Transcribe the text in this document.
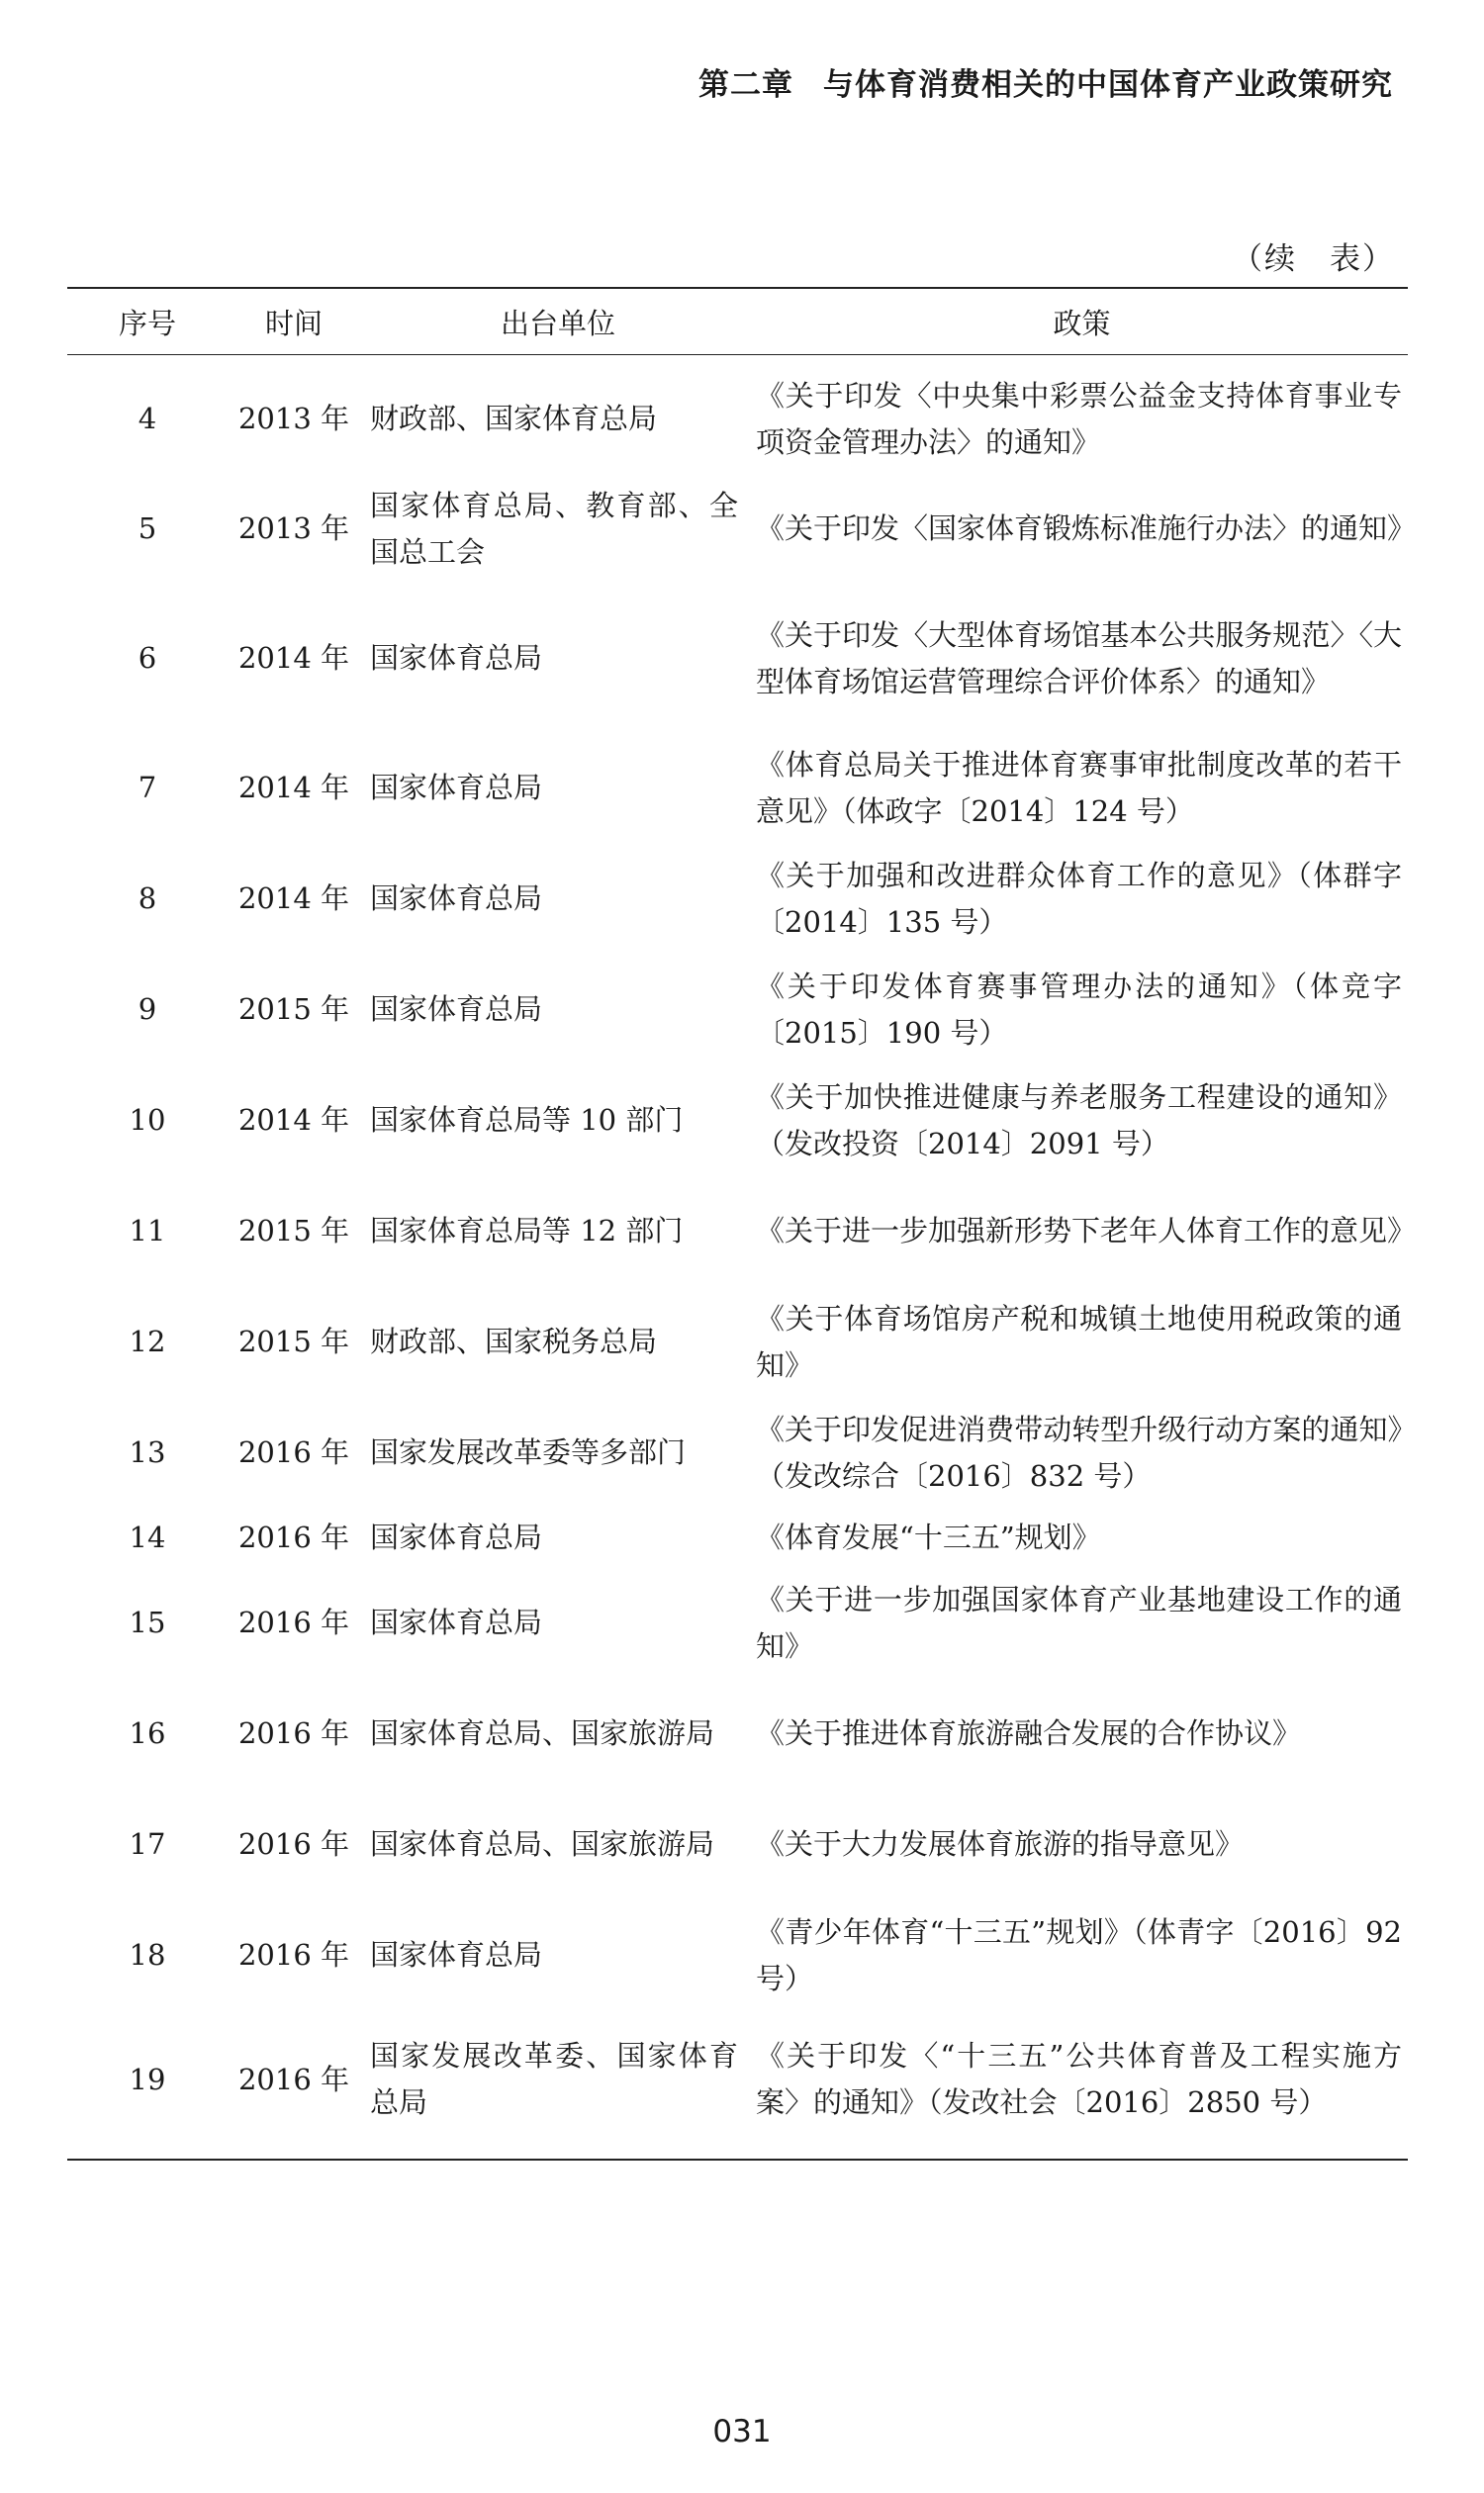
第二章 与体育消费相关的中国体育产业政策研究
（续　表）
序号	时间	出台单位	政策
4	2013 年	财政部、国家体育总局	《关于印发〈中央集中彩票公益金支持体育事业专项资金管理办法〉的通知》
5	2013 年	国家体育总局、教育部、全国总工会	《关于印发〈国家体育锻炼标准施行办法〉的通知》
6	2014 年	国家体育总局	《关于印发〈大型体育场馆基本公共服务规范〉〈大型体育场馆运营管理综合评价体系〉的通知》
7	2014 年	国家体育总局	《体育总局关于推进体育赛事审批制度改革的若干意见》（体政字〔2014〕124 号）
8	2014 年	国家体育总局	《关于加强和改进群众体育工作的意见》（体群字〔2014〕135 号）
9	2015 年	国家体育总局	《关于印发体育赛事管理办法的通知》（体竞字〔2015〕190 号）
10	2014 年	国家体育总局等 10 部门	《关于加快推进健康与养老服务工程建设的通知》（发改投资〔2014〕2091 号）
11	2015 年	国家体育总局等 12 部门	《关于进一步加强新形势下老年人体育工作的意见》
12	2015 年	财政部、国家税务总局	《关于体育场馆房产税和城镇土地使用税政策的通知》
13	2016 年	国家发展改革委等多部门	《关于印发促进消费带动转型升级行动方案的通知》（发改综合〔2016〕832 号）
14	2016 年	国家体育总局	《体育发展“十三五”规划》
15	2016 年	国家体育总局	《关于进一步加强国家体育产业基地建设工作的通知》
16	2016 年	国家体育总局、国家旅游局	《关于推进体育旅游融合发展的合作协议》
17	2016 年	国家体育总局、国家旅游局	《关于大力发展体育旅游的指导意见》
18	2016 年	国家体育总局	《青少年体育“十三五”规划》（体青字〔2016〕92 号）
19	2016 年	国家发展改革委、国家体育总局	《关于印发〈“十三五”公共体育普及工程实施方案〉的通知》（发改社会〔2016〕2850 号）
031
